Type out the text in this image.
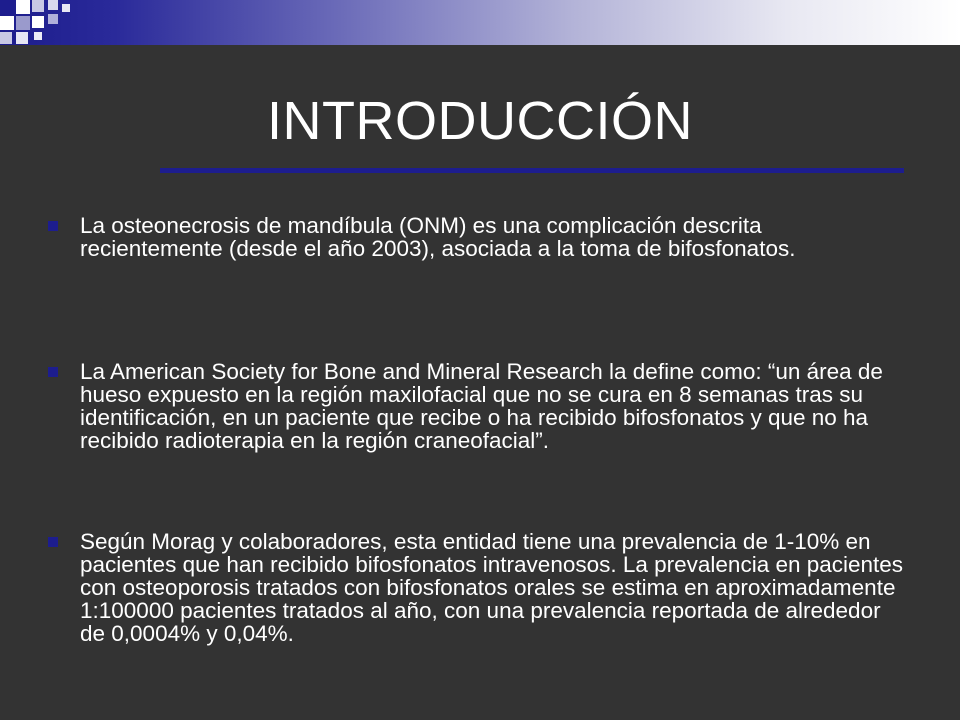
INTRODUCCIÓN
La osteonecrosis de mandíbula (ONM) es una complicación descrita recientemente (desde el año 2003), asociada a la toma de bifosfonatos.
La American Society for Bone and Mineral Research la define como: “un área de hueso expuesto en la región maxilofacial que no se cura en 8 semanas tras su identificación, en un paciente que recibe o ha recibido bifosfonatos y que no ha recibido radioterapia en la región craneofacial”.
Según Morag y colaboradores, esta entidad tiene una prevalencia de 1-10% en pacientes que han recibido bifosfonatos intravenosos. La prevalencia en pacientes con osteoporosis tratados con bifosfonatos orales se estima en aproximadamente 1:100000 pacientes tratados al año, con una prevalencia reportada de alrededor de 0,0004% y 0,04%.
